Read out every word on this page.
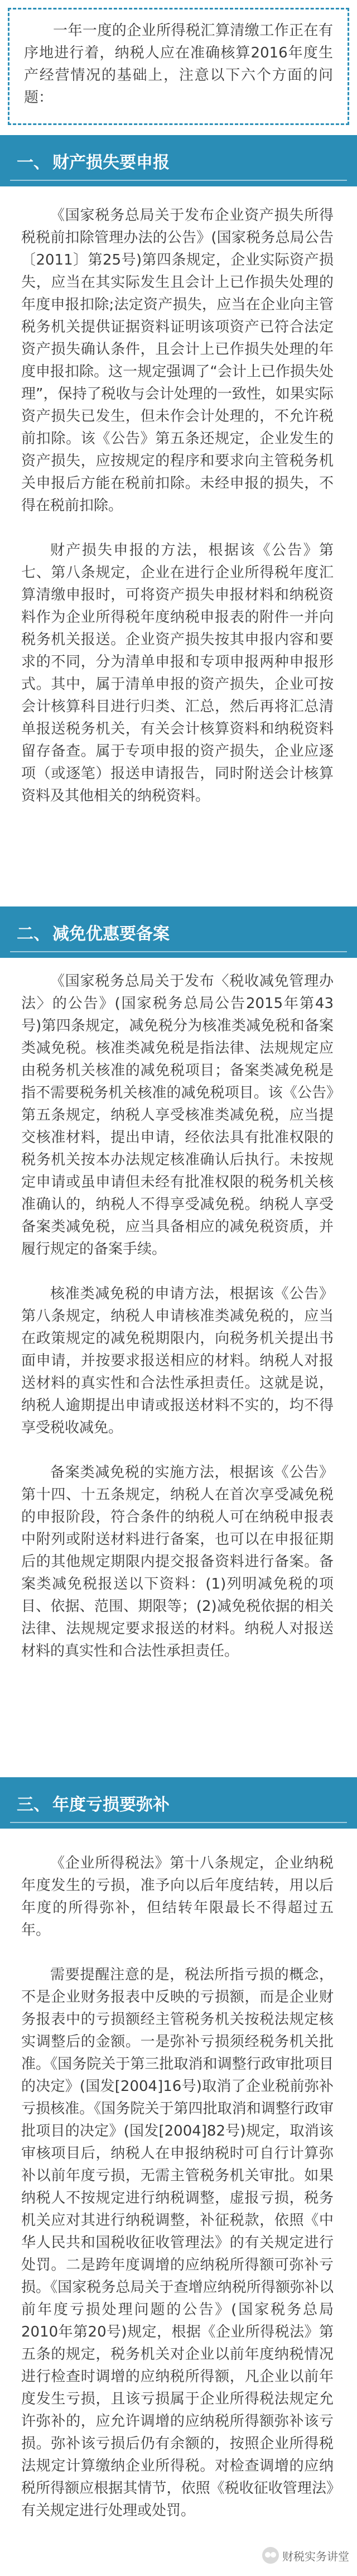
一年一度的企业所得税汇算清缴工作正在有序地进行着，纳税人应在准确核算2016年度生产经营情况的基础上，注意以下六个方面的问题：

一、 财产损失要申报

《国家税务总局关于发布企业资产损失所得税税前扣除管理办法的公告》(国家税务总局公告〔2011〕第25号)第四条规定，企业实际资产损失，应当在其实际发生且会计上已作损失处理的年度申报扣除;法定资产损失，应当在企业向主管税务机关提供证据资料证明该项资产已符合法定资产损失确认条件，且会计上已作损失处理的年度申报扣除。这一规定强调了“会计上已作损失处理”，保持了税收与会计处理的一致性，如果实际资产损失已发生，但未作会计处理的，不允许税前扣除。该《公告》第五条还规定，企业发生的资产损失，应按规定的程序和要求向主管税务机关申报后方能在税前扣除。未经申报的损失，不得在税前扣除。

财产损失申报的方法，根据该《公告》第七、第八条规定，企业在进行企业所得税年度汇算清缴申报时，可将资产损失申报材料和纳税资料作为企业所得税年度纳税申报表的附件一并向税务机关报送。企业资产损失按其申报内容和要求的不同，分为清单申报和专项申报两种申报形式。其中，属于清单申报的资产损失，企业可按会计核算科目进行归类、汇总，然后再将汇总清单报送税务机关，有关会计核算资料和纳税资料留存备查。属于专项申报的资产损失，企业应逐项（或逐笔）报送申请报告，同时附送会计核算资料及其他相关的纳税资料。

二、 减免优惠要备案

《国家税务总局关于发布〈税收减免管理办法〉的公告》(国家税务总局公告2015年第43号)第四条规定，减免税分为核准类减免税和备案类减免税。核准类减免税是指法律、法规规定应由税务机关核准的减免税项目；备案类减免税是指不需要税务机关核准的减免税项目。该《公告》第五条规定，纳税人享受核准类减免税，应当提交核准材料，提出申请，经依法具有批准权限的税务机关按本办法规定核准确认后执行。未按规定申请或虽申请但未经有批准权限的税务机关核准确认的，纳税人不得享受减免税。纳税人享受备案类减免税，应当具备相应的减免税资质，并履行规定的备案手续。

核准类减免税的申请方法，根据该《公告》第八条规定，纳税人申请核准类减免税的，应当在政策规定的减免税期限内，向税务机关提出书面申请，并按要求报送相应的材料。纳税人对报送材料的真实性和合法性承担责任。这就是说，纳税人逾期提出申请或报送材料不实的，均不得享受税收减免。

备案类减免税的实施方法，根据该《公告》第十四、十五条规定，纳税人在首次享受减免税的申报阶段，符合条件的纳税人可在纳税申报表中附列或附送材料进行备案，也可以在申报征期后的其他规定期限内提交报备资料进行备案。备案类减免税报送以下资料：(1)列明减免税的项目、依据、范围、期限等；(2)减免税依据的相关法律、法规规定要求报送的材料。纳税人对报送材料的真实性和合法性承担责任。

三、 年度亏损要弥补

《企业所得税法》第十八条规定，企业纳税年度发生的亏损，准予向以后年度结转，用以后年度的所得弥补，但结转年限最长不得超过五年。

需要提醒注意的是，税法所指亏损的概念，不是企业财务报表中反映的亏损额，而是企业财务报表中的亏损额经主管税务机关按税法规定核实调整后的金额。一是弥补亏损须经税务机关批准。《国务院关于第三批取消和调整行政审批项目的决定》(国发[2004]16号)取消了企业税前弥补亏损核准。《国务院关于第四批取消和调整行政审批项目的决定》(国发[2004]82号)规定，取消该审核项目后，纳税人在申报纳税时可自行计算弥补以前年度亏损，无需主管税务机关审批。如果纳税人不按规定进行纳税调整，虚报亏损，税务机关应对其进行纳税调整，补征税款，依照《中华人民共和国税收征收管理法》的有关规定进行处罚。二是跨年度调增的应纳税所得额可弥补亏损。《国家税务总局关于查增应纳税所得额弥补以前年度亏损处理问题的公告》(国家税务总局2010年第20号)规定，根据《企业所得税法》第五条的规定，税务机关对企业以前年度纳税情况进行检查时调增的应纳税所得额，凡企业以前年度发生亏损，且该亏损属于企业所得税法规定允许弥补的，应允许调增的应纳税所得额弥补该亏损。弥补该亏损后仍有余额的，按照企业所得税法规定计算缴纳企业所得税。对检查调增的应纳税所得额应根据其情节，依照《税收征收管理法》有关规定进行处理或处罚。

财税实务讲堂
